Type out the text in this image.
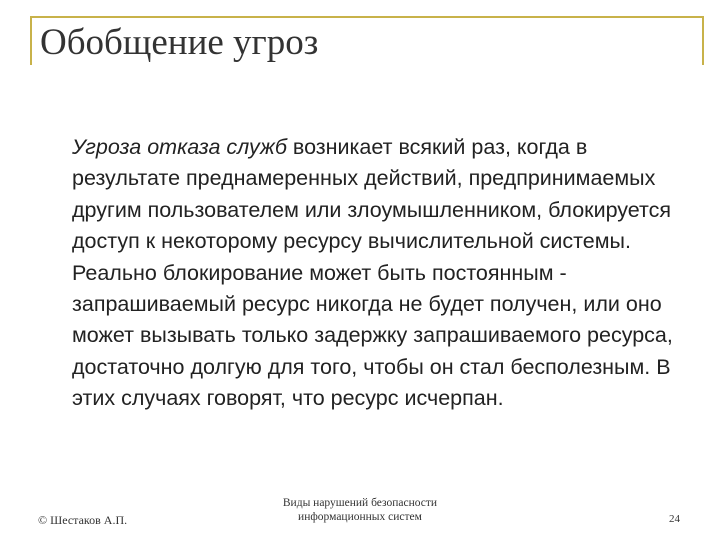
Обобщение угроз

Угроза отказа служб возникает всякий раз, когда в результате преднамеренных действий, предпринимаемых другим пользователем или злоумышленником, блокируется доступ к некоторому ресурсу вычислительной системы. Реально блокирование может быть постоянным - запрашиваемый ресурс никогда не будет получен, или оно может вызывать только задержку запрашиваемого ресурса, достаточно долгую для того, чтобы он стал бесполезным. В этих случаях говорят, что ресурс исчерпан.

© Шестаков А.П.
Виды нарушений безопасности
информационных систем	24
